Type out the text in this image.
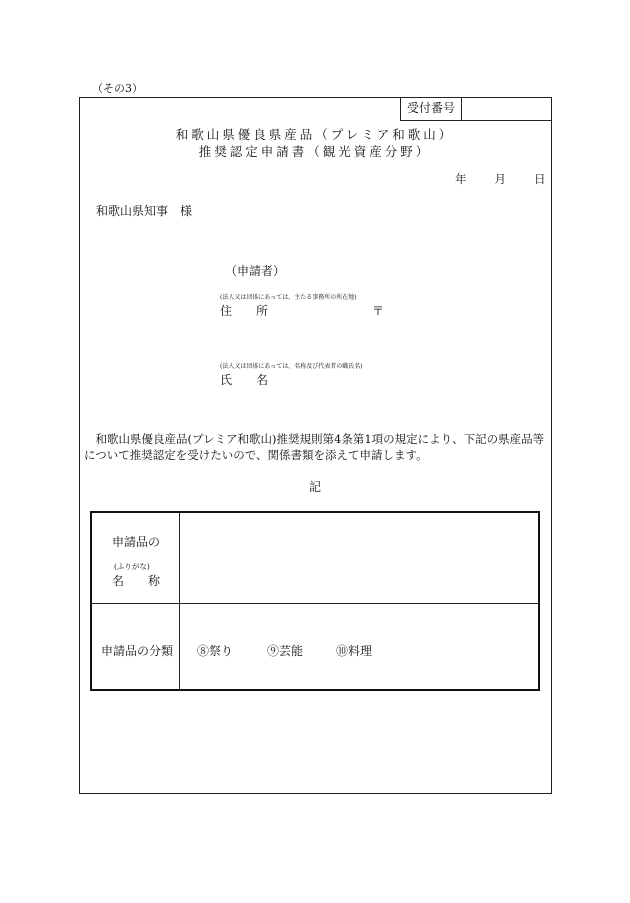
（その3）
受付番号
和歌山県優良県産品（プレミア和歌山）
推奨認定申請書（観光資産分野）
年 月 日
和歌山県知事　様
（申請者）
(法人又は団体にあっては、主たる事務所の所在地)
住　　所	〒
(法人又は団体にあっては、名称及び代表者の職氏名)
氏　　名
　和歌山県優良産品(プレミア和歌山)推奨規則第4条第1項の規定により、下記の県産品等について推奨認定を受けたいので、関係書類を添えて申請します。
記
申請品の
(ふりがな)
名　　称
申請品の分類 ⑧祭り	⑨芸能	⑩料理
